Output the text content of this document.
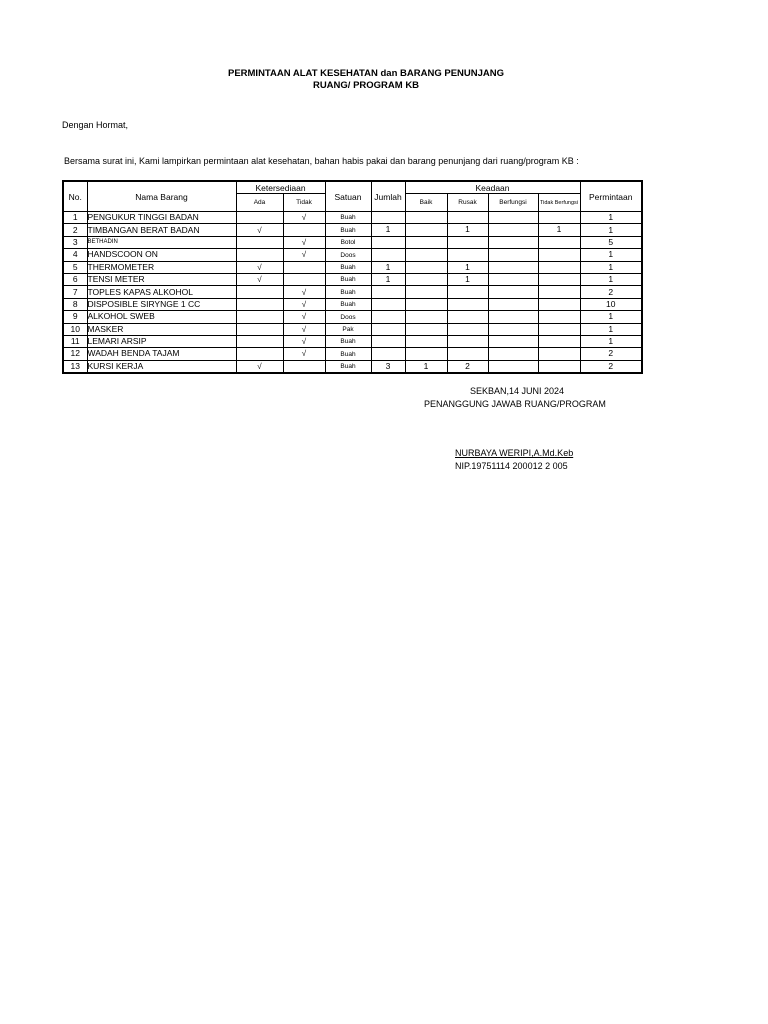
PERMINTAAN ALAT KESEHATAN dan BARANG PENUNJANG
RUANG/ PROGRAM KB
Dengan Hormat,
Bersama surat ini, Kami lampirkan permintaan alat kesehatan, bahan habis pakai dan barang penunjang dari ruang/program KB :
No.	Nama Barang	Ketersediaan		Satuan	Jumlah	Keadaan				Permintaan
		Ada	Tidak			Baik	Rusak	Berfungsi	Tidak Berfungsi	
1	PENGUKUR TINGGI BADAN		√	Buah						1
2	TIMBANGAN BERAT BADAN	√		Buah	1		1		1	1
3	BETHADIN		√	Botol						5
4	HANDSCOON ON		√	Doos						1
5	THERMOMETER	√		Buah	1		1			1
6	TENSI METER	√		Buah	1		1			1
7	TOPLES KAPAS ALKOHOL		√	Buah						2
8	DISPOSIBLE SIRYNGE 1 CC		√	Buah						10
9	ALKOHOL SWEB		√	Doos						1
10	MASKER		√	Pak						1
11	LEMARI ARSIP		√	Buah						1
12	WADAH BENDA TAJAM		√	Buah						2
13	KURSI KERJA	√		Buah	3	1	2			2
SEKBAN,14 JUNI 2024
PENANGGUNG JAWAB RUANG/PROGRAM
NURBAYA WERIPI,A.Md.Keb
NIP.19751114 200012 2 005
